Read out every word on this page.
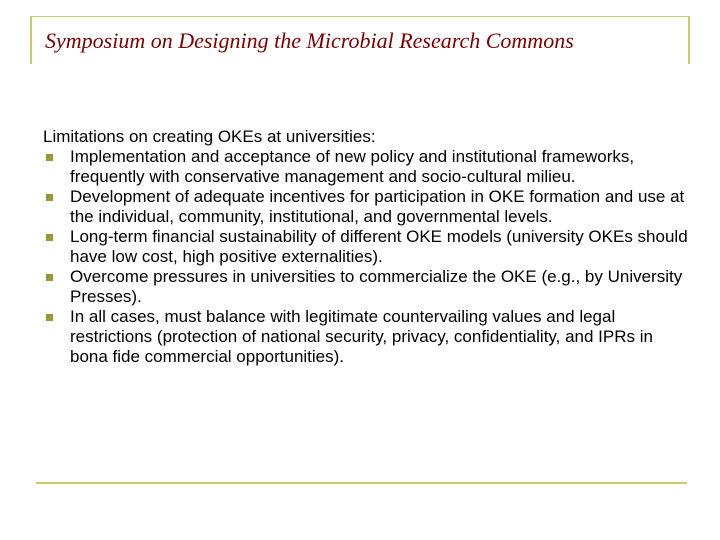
Symposium on Designing the Microbial Research Commons

Limitations on creating OKEs at universities:

Implementation and acceptance of new policy and institutional frameworks, frequently with conservative management and socio-cultural milieu.
Development of adequate incentives for participation in OKE formation and use at the individual, community, institutional, and governmental levels.
Long-term financial sustainability of different OKE models (university OKEs should have low cost, high positive externalities).
Overcome pressures in universities to commercialize the OKE (e.g., by University Presses).
In all cases, must balance with legitimate countervailing values and legal restrictions (protection of national security, privacy, confidentiality, and IPRs in bona fide commercial opportunities).
